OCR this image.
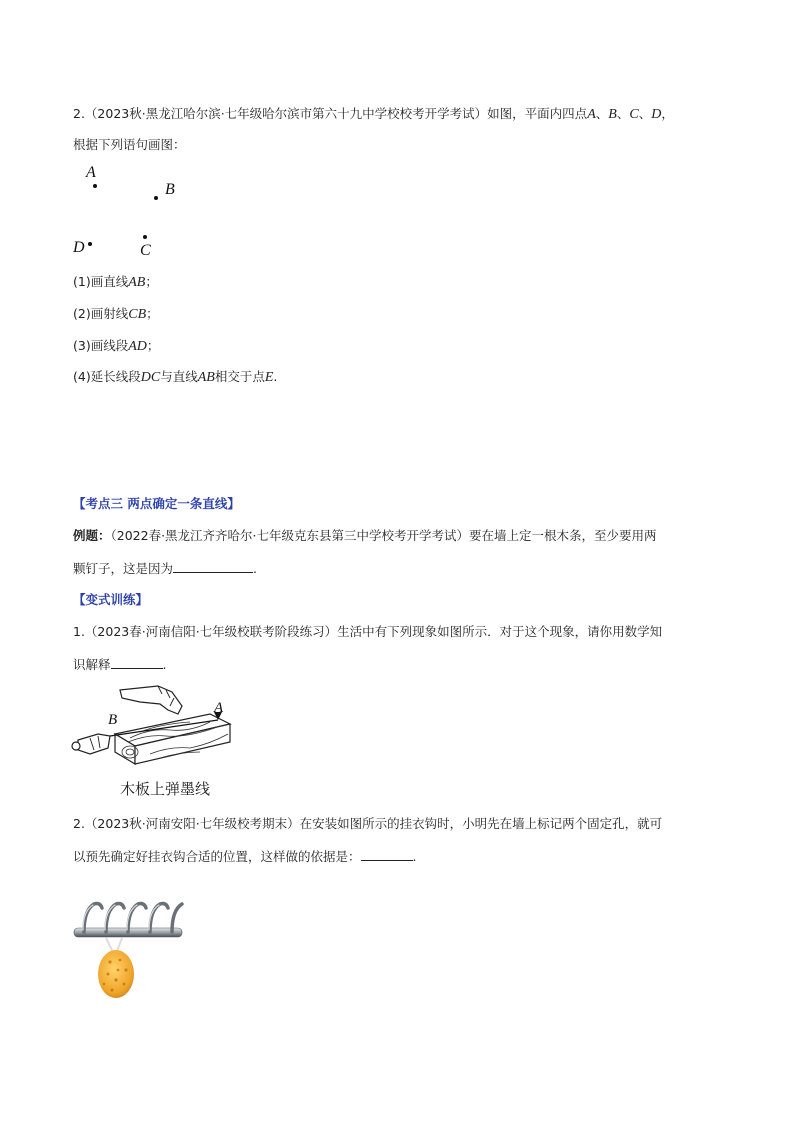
2.（2023秋·黑龙江哈尔滨·七年级哈尔滨市第六十九中学校校考开学考试）如图，平面内四点A、B、C、D，
根据下列语句画图：
A
B
D	C
(1)画直线AB；
(2)画射线CB；
(3)画线段AD；
(4)延长线段DC与直线AB相交于点E.
【考点三 两点确定一条直线】
例题：（2022春·黑龙江齐齐哈尔·七年级克东县第三中学校考开学考试）要在墙上定一根木条，至少要用两
颗钉子，这是因为	.
【变式训练】
1.（2023春·河南信阳·七年级校联考阶段练习）生活中有下列现象如图所示．对于这个现象，请你用数学知
识解释	.
B
A
木板上弹墨线
2.（2023秋·河南安阳·七年级校考期末）在安装如图所示的挂衣钩时，小明先在墙上标记两个固定孔，就可
以预先确定好挂衣钩合适的位置，这样做的依据是：	.
